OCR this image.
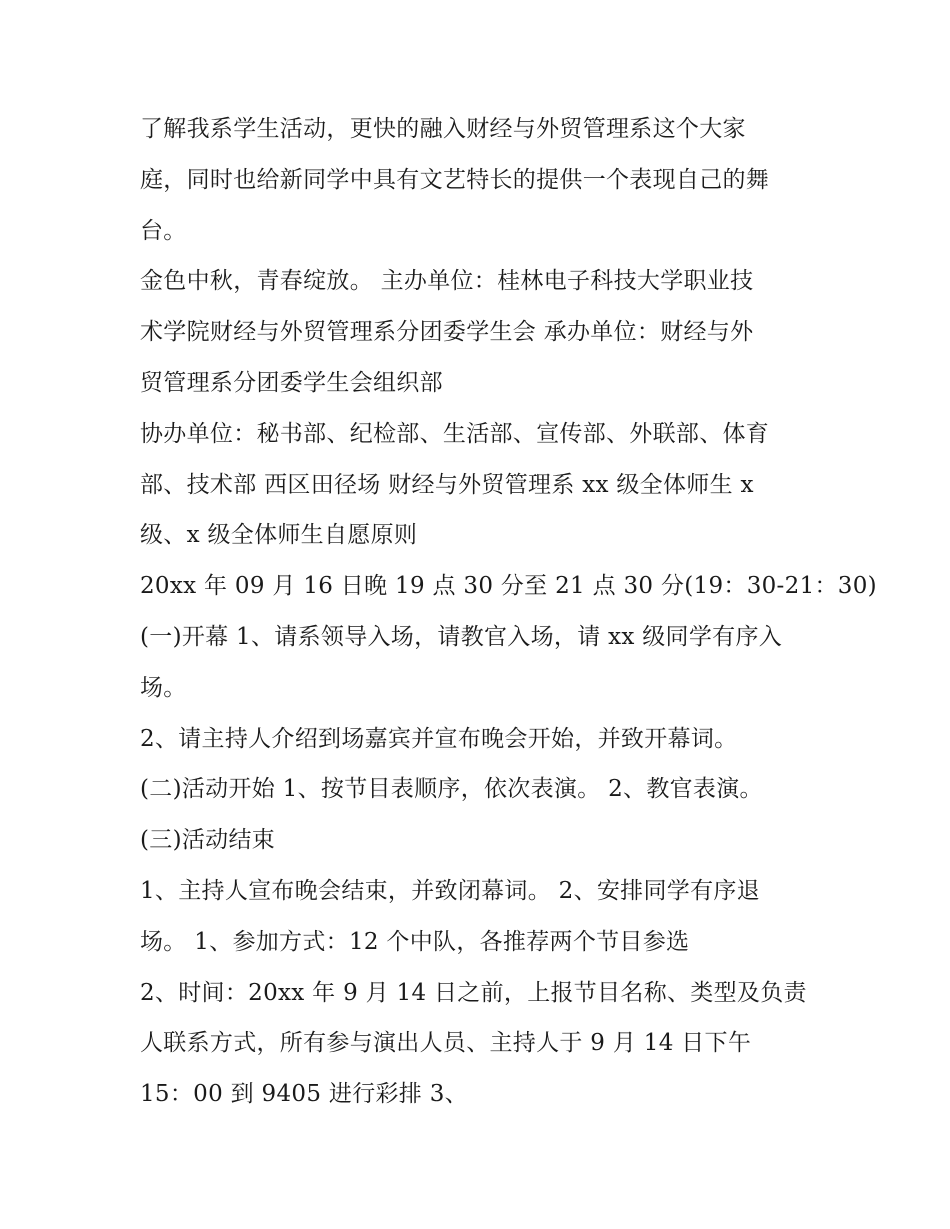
了解我系学生活动，更快的融入财经与外贸管理系这个大家
庭，同时也给新同学中具有文艺特长的提供一个表现自己的舞
台。
金色中秋，青春绽放。 主办单位：桂林电子科技大学职业技
术学院财经与外贸管理系分团委学生会 承办单位：财经与外
贸管理系分团委学生会组织部
协办单位：秘书部、纪检部、生活部、宣传部、外联部、体育
部、技术部 西区田径场 财经与外贸管理系 xx 级全体师生 x
级、x 级全体师生自愿原则
20xx 年 09 月 16 日晚 19 点 30 分至 21 点 30 分(19：30-21：30)
(一)开幕 1、请系领导入场，请教官入场，请 xx 级同学有序入
场。
2、请主持人介绍到场嘉宾并宣布晚会开始，并致开幕词。
(二)活动开始 1、按节目表顺序，依次表演。 2、教官表演。
(三)活动结束
1、主持人宣布晚会结束，并致闭幕词。 2、安排同学有序退
场。 1、参加方式：12 个中队，各推荐两个节目参选
2、时间：20xx 年 9 月 14 日之前，上报节目名称、类型及负责
人联系方式，所有参与演出人员、主持人于 9 月 14 日下午
15：00 到 9405 进行彩排 3、
